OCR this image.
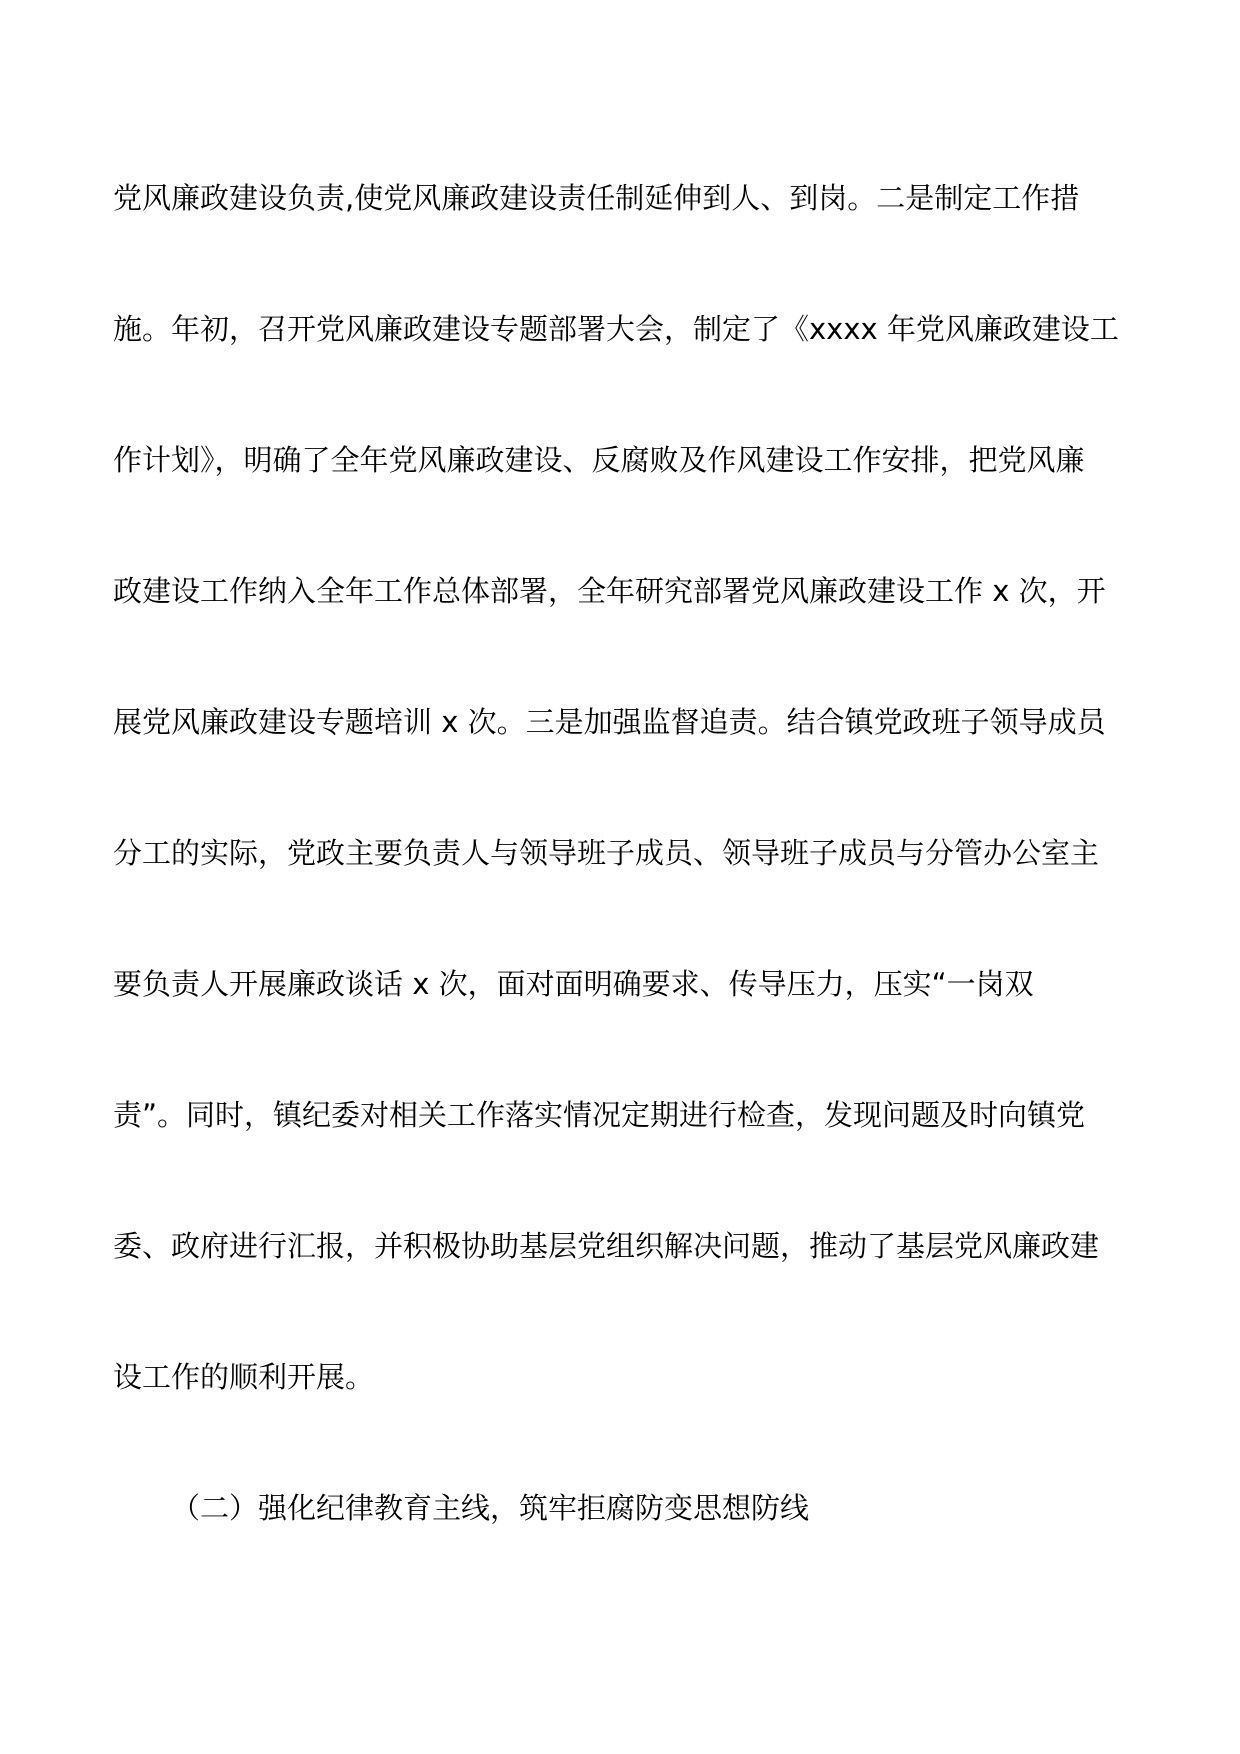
党风廉政建设负责,使党风廉政建设责任制延伸到人、到岗。二是制定工作措
施。年初，召开党风廉政建设专题部署大会，制定了《xxxx 年党风廉政建设工
作计划》，明确了全年党风廉政建设、反腐败及作风建设工作安排，把党风廉
政建设工作纳入全年工作总体部署，全年研究部署党风廉政建设工作 x 次，开
展党风廉政建设专题培训 x 次。三是加强监督追责。结合镇党政班子领导成员
分工的实际，党政主要负责人与领导班子成员、领导班子成员与分管办公室主
要负责人开展廉政谈话 x 次，面对面明确要求、传导压力，压实“一岗双
责”。同时，镇纪委对相关工作落实情况定期进行检查，发现问题及时向镇党
委、政府进行汇报，并积极协助基层党组织解决问题，推动了基层党风廉政建
设工作的顺利开展。
（二）强化纪律教育主线，筑牢拒腐防变思想防线
